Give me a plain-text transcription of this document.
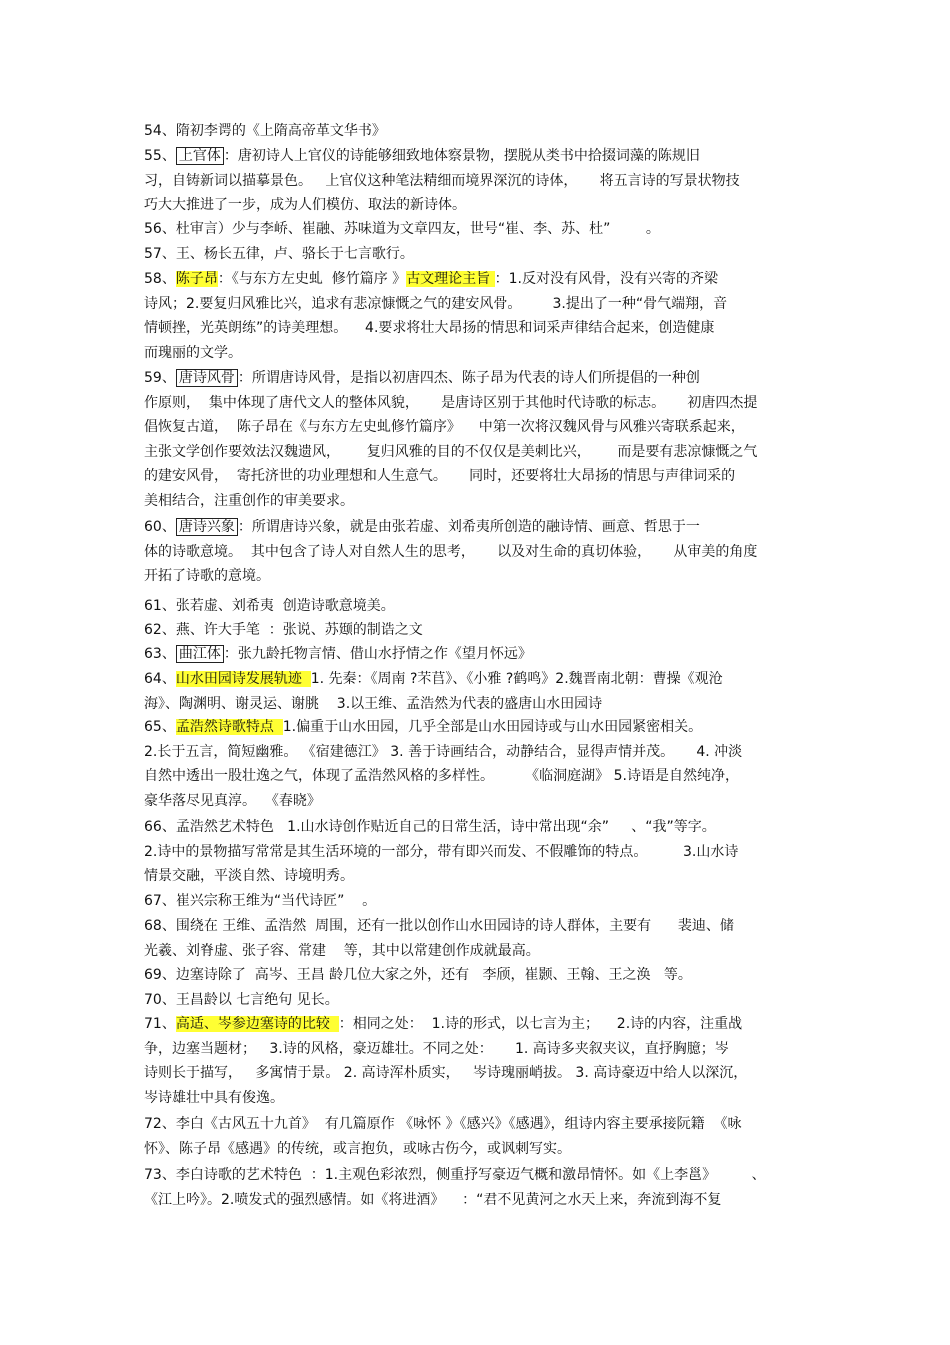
54、隋初李谔的《上隋高帝革文华书》
55、 上官体 ：唐初诗人上官仪的诗能够细致地体察景物，摆脱从类书中拾掇词藻的陈规旧
习，自铸新词以描摹景色。   上官仪这种笔法精细而境界深沉的诗体，     将五言诗的写景状物技
巧大大推进了一步，成为人们模仿、取法的新诗体。
56、杜审言）少与李峤、崔融、苏味道为文章四友，世号“崔、李、苏、杜”        。
57、王、杨长五律，卢、骆长于七言歌行。
58、陈子昂：《与东方左史虬  修竹篇序 》古文理论主旨 ：1.反对没有风骨，没有兴寄的齐梁
诗风；2.要复归风雅比兴，追求有悲凉慷慨之气的建安风骨。       3.提出了一种“骨气端翔，音
情顿挫，光英朗练”的诗美理想。    4.要求将壮大昂扬的情思和词采声律结合起来，创造健康
而瑰丽的文学。
59、 唐诗风骨 ：所谓唐诗风骨，是指以初唐四杰、陈子昂为代表的诗人们所提倡的一种创
作原则，  集中体现了唐代文人的整体风貌，     是唐诗区别于其他时代诗歌的标志。     初唐四杰提
倡恢复古道，  陈子昂在《与东方左史虬修竹篇序》    中第一次将汉魏风骨与风雅兴寄联系起来，
主张文学创作要效法汉魏遗风，      复归风雅的目的不仅仅是美刺比兴，      而是要有悲凉慷慨之气
的建安风骨，  寄托济世的功业理想和人生意气。     同时，还要将壮大昂扬的情思与声律词采的
美相结合，注重创作的审美要求。
60、 唐诗兴象 ：所谓唐诗兴象，就是由张若虚、刘希夷所创造的融诗情、画意、哲思于一
体的诗歌意境。  其中包含了诗人对自然人生的思考，     以及对生命的真切体验，     从审美的角度
开拓了诗歌的意境。
61、张若虚、刘希夷  创造诗歌意境美。
62、燕、许大手笔  ：张说、苏颋的制诰之文
63、 曲江体 ：张九龄托物言情、借山水抒情之作《望月怀远》
64、山水田园诗发展轨迹  1. 先秦：《周南 ?芣苢》、《小雅 ?鹤鸣》2.魏晋南北朝：曹操《观沧
海》、陶渊明、谢灵运、谢朓    3.以王维、孟浩然为代表的盛唐山水田园诗
65、孟浩然诗歌特点  1.偏重于山水田园，几乎全部是山水田园诗或与山水田园紧密相关。
2.长于五言，简短幽雅。 《宿建德江》 3. 善于诗画结合，动静结合，显得声情并茂。     4. 冲淡
自然中透出一股壮逸之气，体现了孟浩然风格的多样性。       《临洞庭湖》 5.诗语是自然纯净，
豪华落尽见真淳。  《春晓》
66、孟浩然艺术特色   1.山水诗创作贴近自己的日常生活，诗中常出现“余”     、“我”等字。
2.诗中的景物描写常常是其生活环境的一部分，带有即兴而发、不假雕饰的特点。        3.山水诗
情景交融，平淡自然、诗境明秀。
67、崔兴宗称王维为“当代诗匠”    。
68、围绕在 王维、孟浩然  周围，还有一批以创作山水田园诗的诗人群体，主要有      裴迪、储
光羲、刘脊虚、张子容、常建    等，其中以常建创作成就最高。
69、边塞诗除了  高岑、王昌 龄几位大家之外，还有   李颀，崔颢、王翰、王之涣   等。
70、王昌龄以 七言绝句 见长。
71、高适、岑参边塞诗的比较  ：相同之处：  1.诗的形式，以七言为主；    2.诗的内容，注重战
争，边塞当题材；   3.诗的风格，豪迈雄壮。不同之处：     1. 高诗多夹叙夹议，直抒胸臆；岑
诗则长于描写，   多寓情于景。 2. 高诗浑朴质实，   岑诗瑰丽峭拔。 3. 高诗豪迈中给人以深沉，
岑诗雄壮中具有俊逸。
72、李白《古风五十九首》  有几篇原作 《咏怀 》《感兴》《感遇》，组诗内容主要承接阮籍  《咏
怀》、陈子昂《感遇》的传统，或言抱负，或咏古伤今，或讽刺写实。
73、李白诗歌的艺术特色  ：1.主观色彩浓烈，侧重抒写豪迈气概和激昂情怀。如《上李邕》        、
《江上吟》。2.喷发式的强烈感情。如《将进酒》    ：“君不见黄河之水天上来，奔流到海不复
